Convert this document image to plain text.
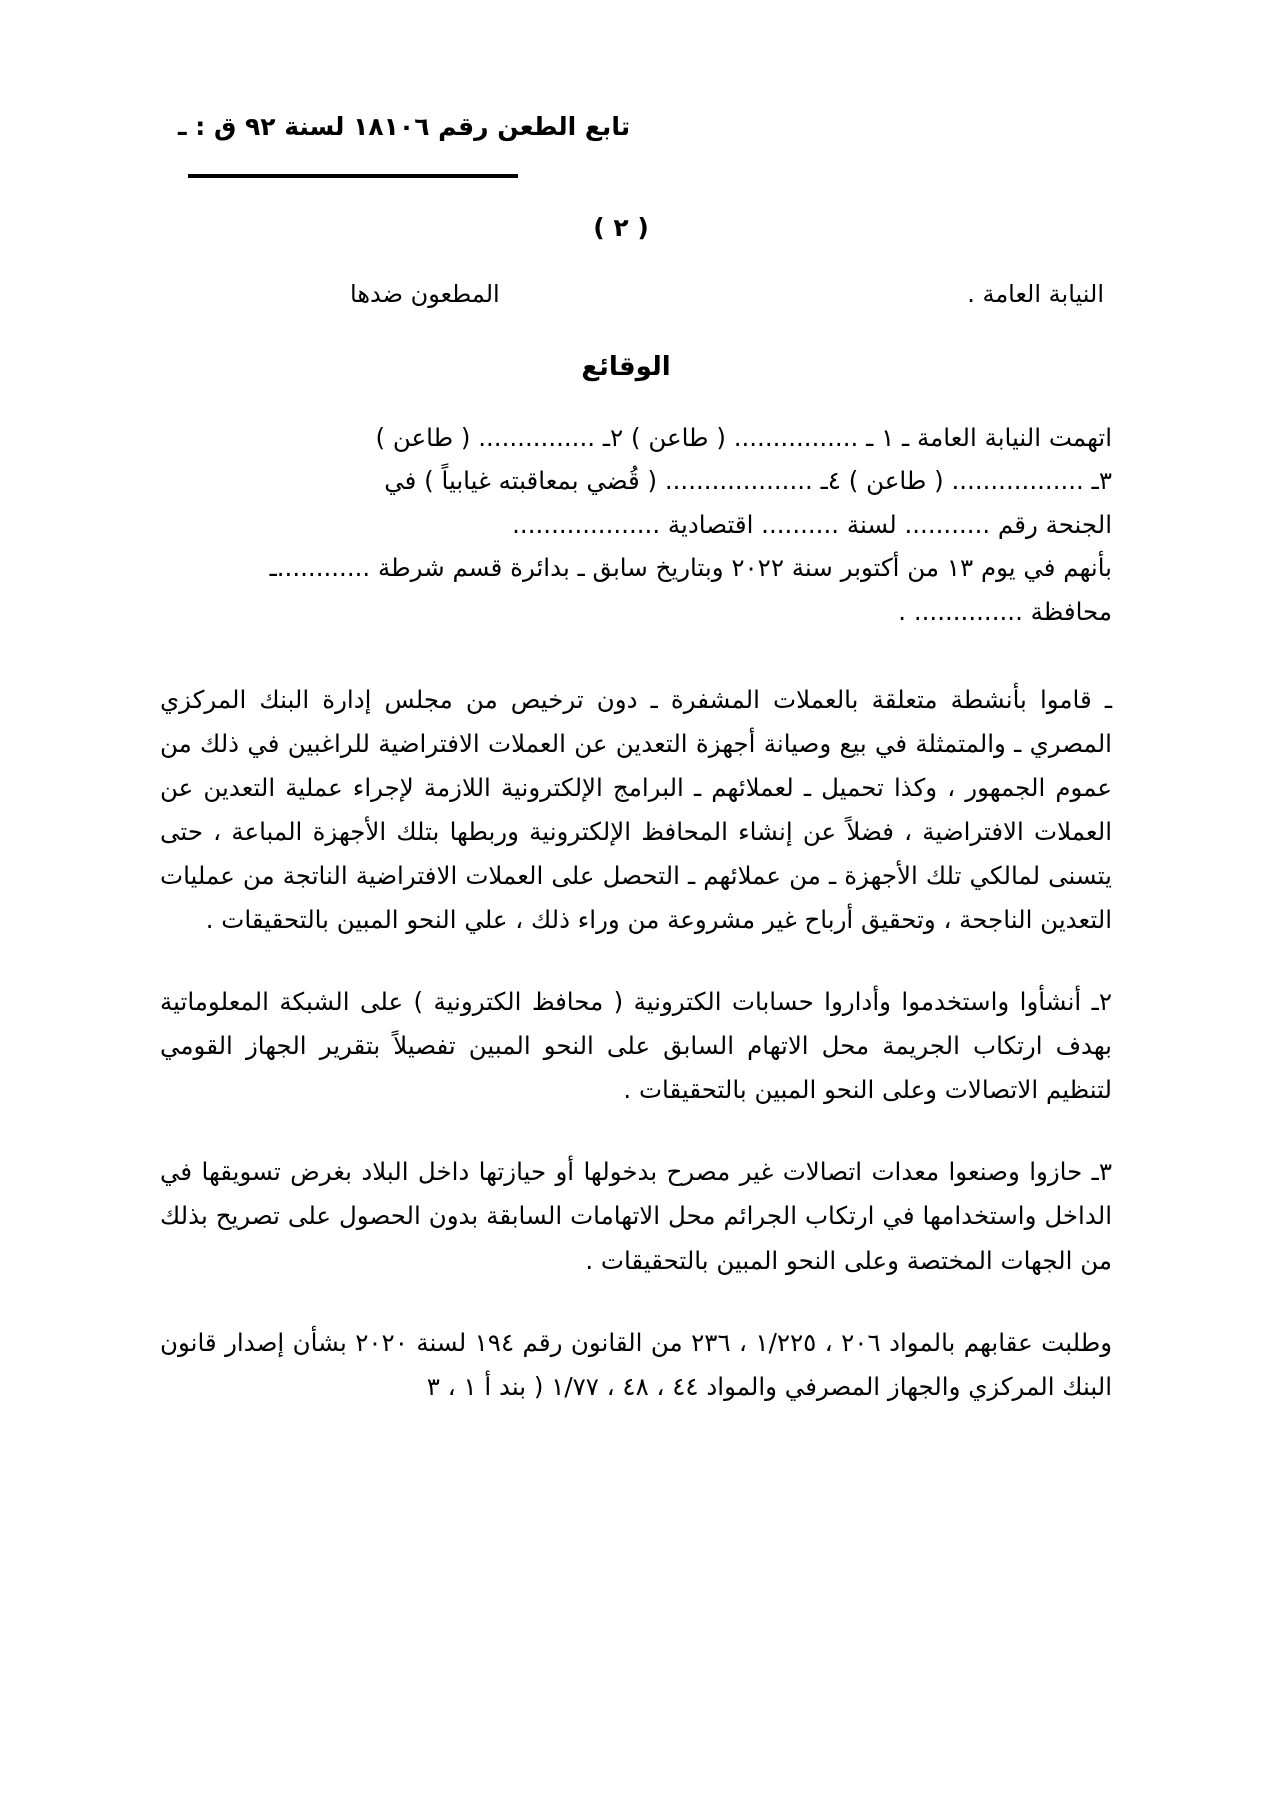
تابع الطعن رقم ١٨١٠٦ لسنة ٩٢ ق : ـ
( ٢ )
النيابة العامة .
المطعون ضدها
الوقائع
اتهمت النيابة العامة ـ ١ ـ ................ ( طاعن ) ٢ـ ............... ( طاعن )
٣ـ ................. ( طاعن ) ٤ـ ................... ( قُضي بمعاقبته غيابياً ) في
الجنحة رقم ........... لسنة .......... اقتصادية ...................
بأنهم في يوم ١٣ من أكتوبر سنة ٢٠٢٢ وبتاريخ سابق ـ بدائرة قسم شرطة ............ـ
محافظة .............. .
ـ قاموا بأنشطة متعلقة بالعملات المشفرة ـ دون ترخيص من مجلس إدارة البنك المركزي المصري ـ والمتمثلة في بيع وصيانة أجهزة التعدين عن العملات الافتراضية للراغبين في ذلك من عموم الجمهور ، وكذا تحميل ـ لعملائهم ـ البرامج الإلكترونية اللازمة لإجراء عملية التعدين عن العملات الافتراضية ، فضلاً عن إنشاء المحافظ الإلكترونية وربطها بتلك الأجهزة المباعة ، حتى يتسنى لمالكي تلك الأجهزة ـ من عملائهم ـ التحصل على العملات الافتراضية الناتجة من عمليات التعدين الناجحة ، وتحقيق أرباح غير مشروعة من وراء ذلك ، علي النحو المبين بالتحقيقات .
٢ـ أنشأوا واستخدموا وأداروا حسابات الكترونية ( محافظ الكترونية ) على الشبكة المعلوماتية بهدف ارتكاب الجريمة محل الاتهام السابق على النحو المبين تفصيلاً بتقرير الجهاز القومي لتنظيم الاتصالات وعلى النحو المبين بالتحقيقات .
٣ـ حازوا وصنعوا معدات اتصالات غير مصرح بدخولها أو حيازتها داخل البلاد بغرض تسويقها في الداخل واستخدامها في ارتكاب الجرائم محل الاتهامات السابقة بدون الحصول على تصريح بذلك من الجهات المختصة وعلى النحو المبين بالتحقيقات .
وطلبت عقابهم بالمواد ٢٠٦ ، ١/٢٢٥ ، ٢٣٦ من القانون رقم ١٩٤ لسنة ٢٠٢٠ بشأن إصدار قانون البنك المركزي والجهاز المصرفي والمواد ٤٤ ، ٤٨ ، ١/٧٧ ( بند أ ١ ، ٣
